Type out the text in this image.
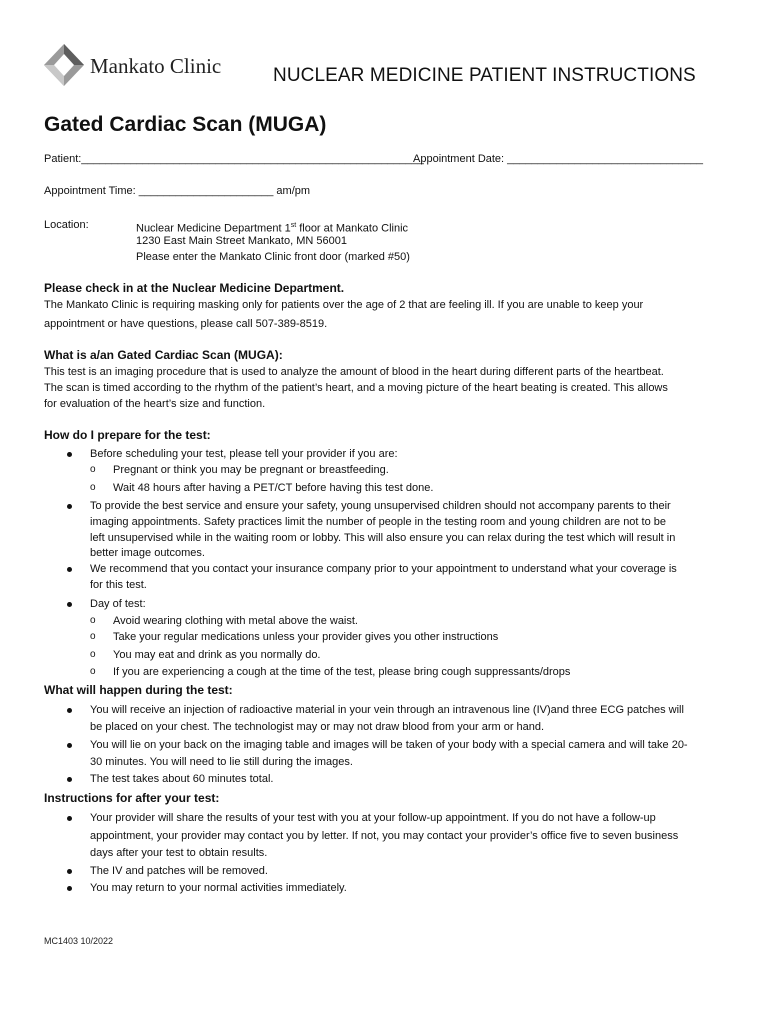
Mankato Clinic	NUCLEAR MEDICINE PATIENT INSTRUCTIONS
Gated Cardiac Scan (MUGA)
Patient:________________________________________________________
Appointment Date: ________________________________
Appointment Time: ______________________ am/pm
Location:	Nuclear Medicine Department 1st floor at Mankato Clinic
1230 East Main Street Mankato, MN 56001
Please enter the Mankato Clinic front door (marked #50)
Please check in at the Nuclear Medicine Department.
The Mankato Clinic is requiring masking only for patients over the age of 2 that are feeling ill. If you are unable to keep your
appointment or have questions, please call 507-389-8519.
What is a/an Gated Cardiac Scan (MUGA):
This test is an imaging procedure that is used to analyze the amount of blood in the heart during different parts of the heartbeat.
The scan is timed according to the rhythm of the patient’s heart, and a moving picture of the heart beating is created. This allows
for evaluation of the heart’s size and function.
How do I prepare for the test:
Before scheduling your test, please tell your provider if you are:
o Pregnant or think you may be pregnant or breastfeeding.
o Wait 48 hours after having a PET/CT before having this test done.
To provide the best service and ensure your safety, young unsupervised children should not accompany parents to their
imaging appointments. Safety practices limit the number of people in the testing room and young children are not to be
left unsupervised while in the waiting room or lobby. This will also ensure you can relax during the test which will result in
better image outcomes.
We recommend that you contact your insurance company prior to your appointment to understand what your coverage is
for this test.
Day of test:
o Avoid wearing clothing with metal above the waist.
o Take your regular medications unless your provider gives you other instructions
o You may eat and drink as you normally do.
o If you are experiencing a cough at the time of the test, please bring cough suppressants/drops
What will happen during the test:
You will receive an injection of radioactive material in your vein through an intravenous line (IV)and three ECG patches will
be placed on your chest. The technologist may or may not draw blood from your arm or hand.
You will lie on your back on the imaging table and images will be taken of your body with a special camera and will take 20-
30 minutes. You will need to lie still during the images.
The test takes about 60 minutes total.
Instructions for after your test:
Your provider will share the results of your test with you at your follow-up appointment. If you do not have a follow-up
appointment, your provider may contact you by letter. If not, you may contact your provider’s office five to seven business
days after your test to obtain results.
The IV and patches will be removed.
You may return to your normal activities immediately.
MC1403 10/2022
